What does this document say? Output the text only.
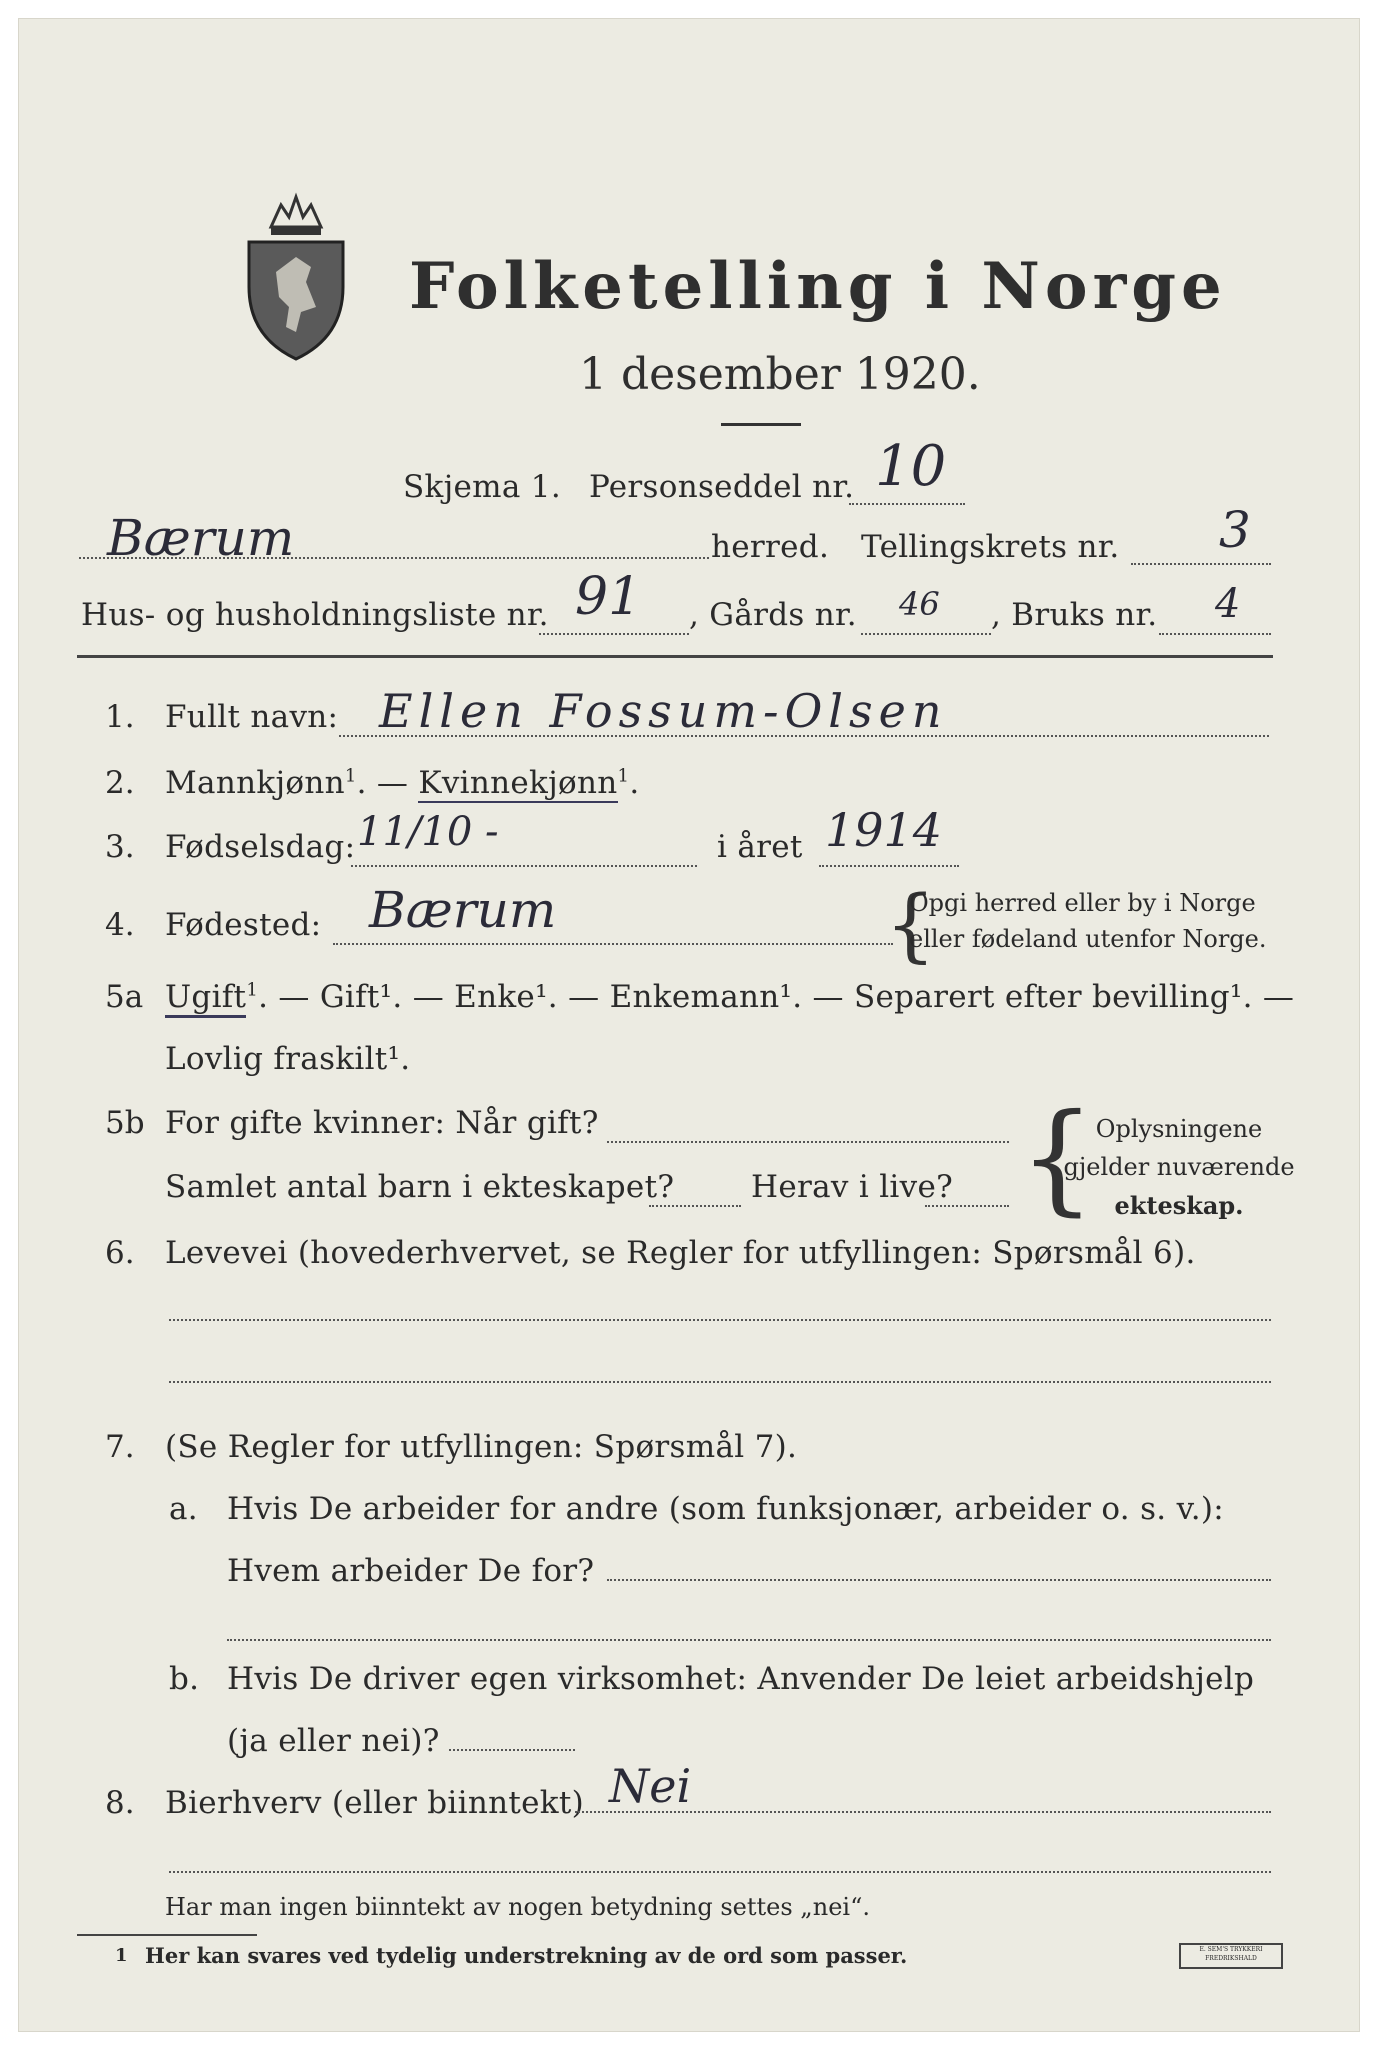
Folketelling i Norge
1 desember 1920.
Skjema 1. Personseddel nr. 10
Bærum	herred. Tellingskrets nr. 3
Hus- og husholdningsliste nr. 91 , Gårds nr. 46 , Bruks nr. 4
1. Fullt navn: Ellen Fossum-Olsen
2. Mannkjønn$^1$. — Kvinnekjønn$^1$.
3. Fødselsdag: 11/10 -	i året 1914
4. Fødested: Bærum	{
Opgi herred eller by i Norge
eller fødeland utenfor Norge.
5a Ugift$^1$. — Gift¹. — Enke¹. — Enkemann¹. — Separert efter bevilling¹. —
Lovlig fraskilt¹.
5b For gifte kvinner: Når gift?
Samlet antal barn i ekteskapet? Herav i live? { Oplysningene
gjelder nuværende
ekteskap.
6. Levevei (hovederhvervet, se Regler for utfyllingen: Spørsmål 6).
7. (Se Regler for utfyllingen: Spørsmål 7).
a. Hvis De arbeider for andre (som funksjonær, arbeider o. s. v.):
Hvem arbeider De for?
b. Hvis De driver egen virksomhet: Anvender De leiet arbeidshjelp
(ja eller nei)?
8. Bierhverv (eller biinntekt) Nei
Har man ingen biinntekt av nogen betydning settes „nei“.
1 Her kan svares ved tydelig understrekning av de ord som passer.	E. SEM'S TRYKKERI FREDRIKSHALD
